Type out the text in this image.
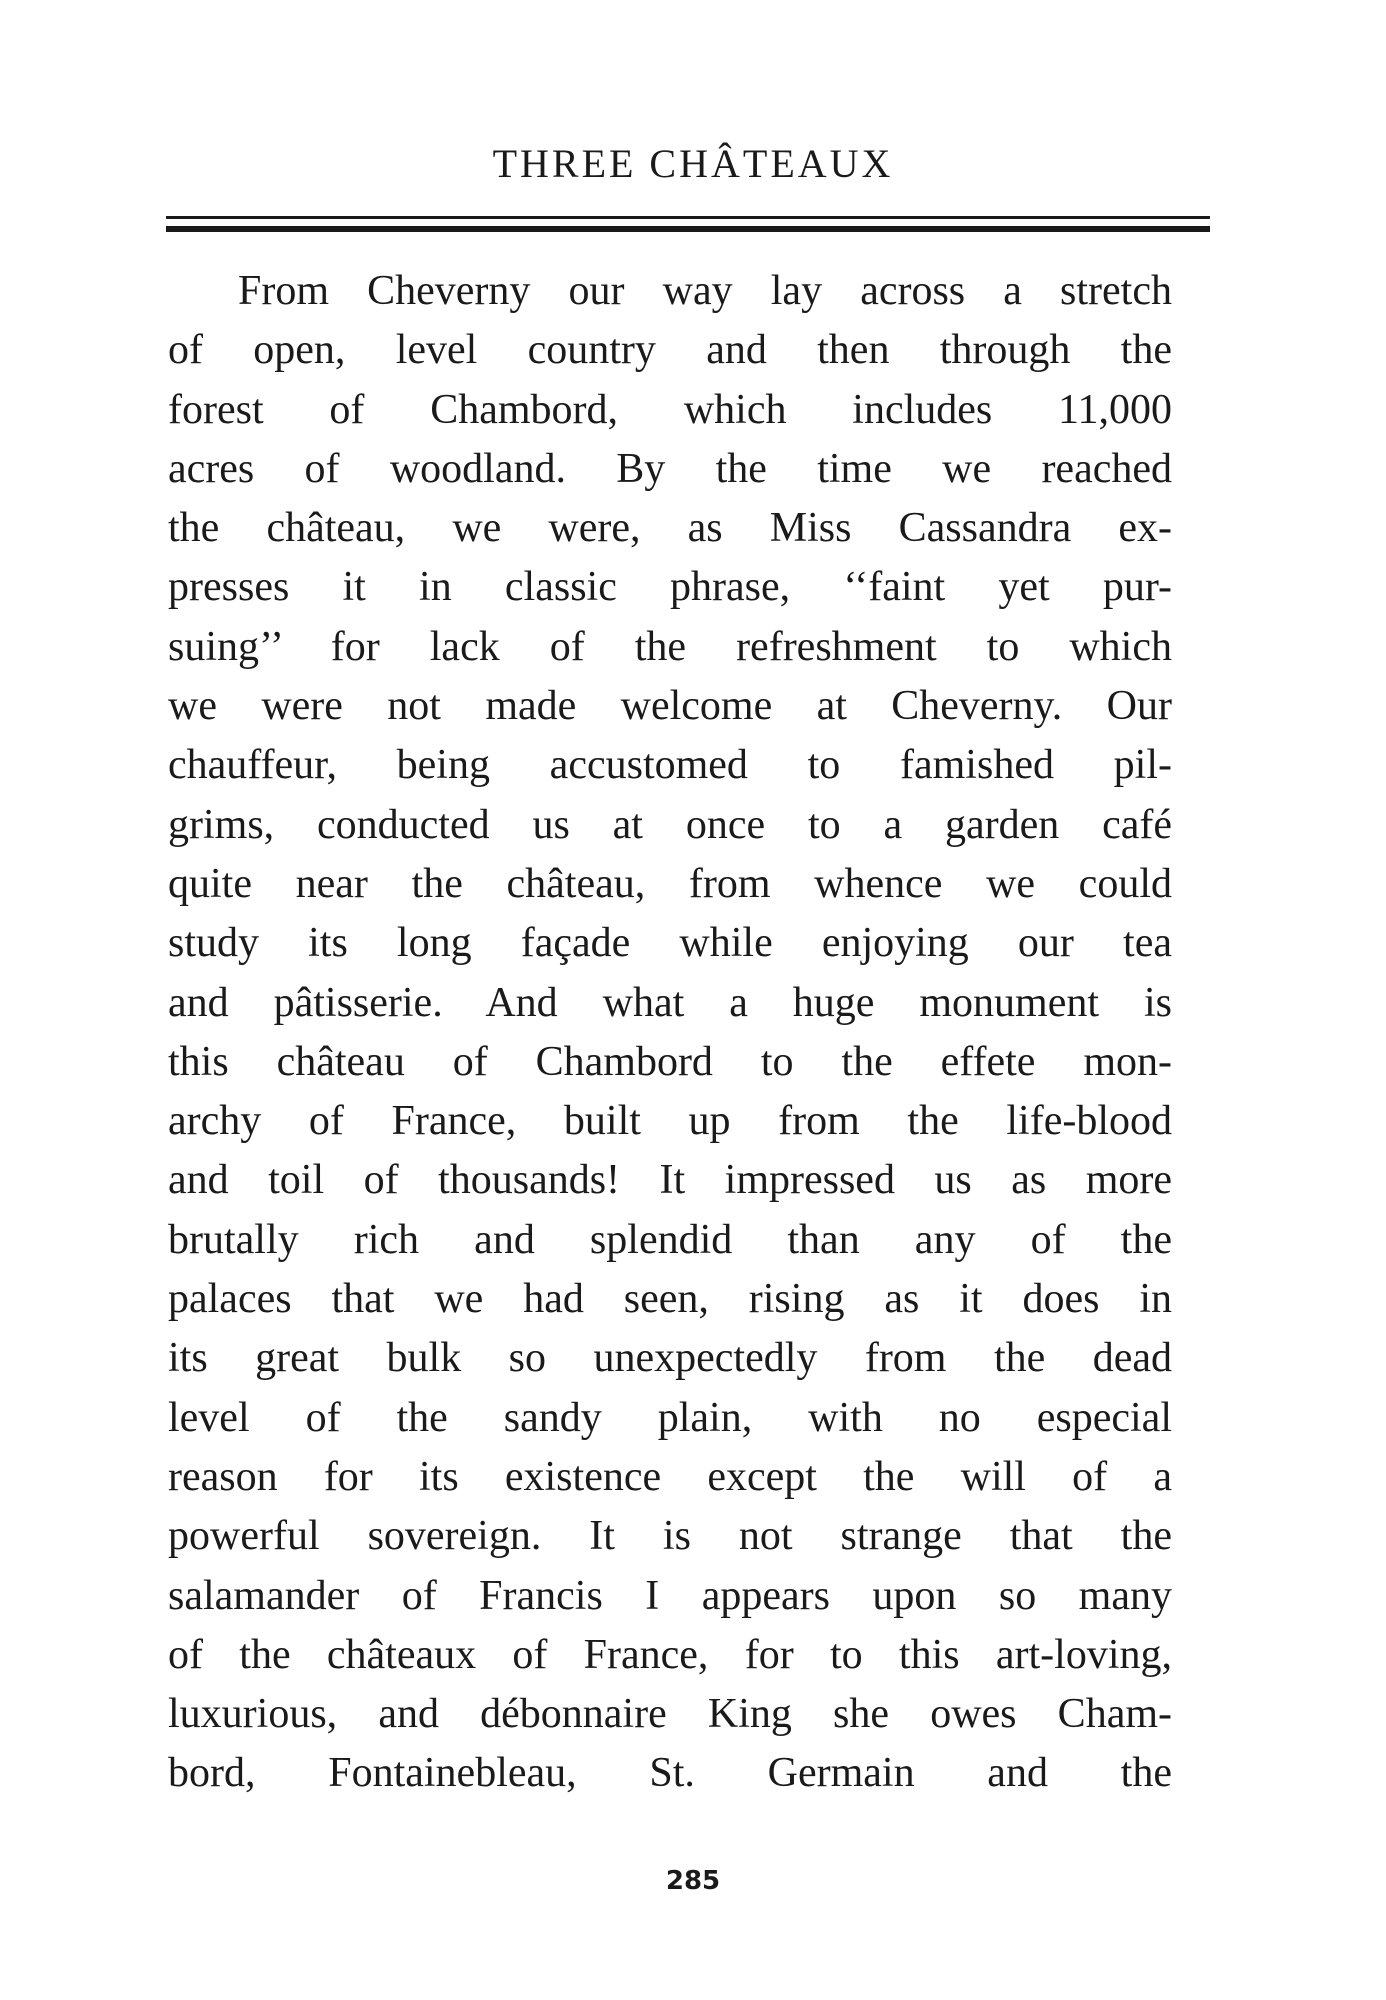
THREE CHÂTEAUX
From Cheverny our way lay across a stretch
of open, level country and then through the
forest of Chambord, which includes 11,000
acres of woodland. By the time we reached
the château, we were, as Miss Cassandra ex-
presses it in classic phrase, ‘‘faint yet pur-
suing’’ for lack of the refreshment to which
we were not made welcome at Cheverny. Our
chauffeur, being accustomed to famished pil-
grims, conducted us at once to a garden café
quite near the château, from whence we could
study its long façade while enjoying our tea
and pâtisserie. And what a huge monument is
this château of Chambord to the effete mon-
archy of France, built up from the life-blood
and toil of thousands! It impressed us as more
brutally rich and splendid than any of the
palaces that we had seen, rising as it does in
its great bulk so unexpectedly from the dead
level of the sandy plain, with no especial
reason for its existence except the will of a
powerful sovereign. It is not strange that the
salamander of Francis I appears upon so many
of the châteaux of France, for to this art-loving,
luxurious, and débonnaire King she owes Cham-
bord, Fontainebleau, St. Germain and the
285
